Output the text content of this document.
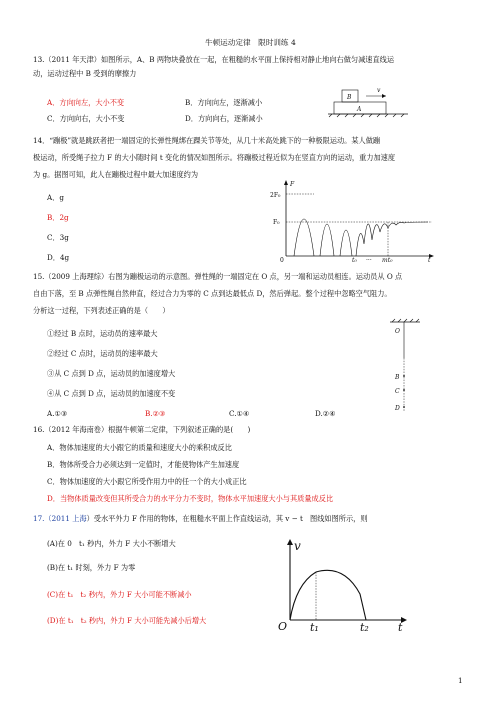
牛顿运动定律　限时训练 4
13.（2011 年天津）如图所示，A、B 两物块叠放在一起，在粗糙的水平面上保持相对静止地向右做匀减速直线运
动，运动过程中 B 受到的摩擦力
A．方向向左，大小不变	B．方向向左，逐渐减小
C．方向向右，大小不变	D．方向向右，逐渐减小
B
A
v
14．“蹦极”就是跳跃者把一端固定的长弹性绳绑在踝关节等处，从几十米高处跳下的一种极限运动。某人做蹦
极运动，所受绳子拉力 F 的大小随时间 t 变化的情况如图所示。将蹦极过程近似为在竖直方向的运动，重力加速度
为 g。据图可知，此人在蹦极过程中最大加速度约为
A．g
B．2g
C．3g
D．4g
F
2F₀
F₀
0	t₀ ··· mt₀	t
15.（2009 上海理综）右图为蹦极运动的示意图。弹性绳的一端固定在 O 点，另一端和运动员相连。运动员从 O 点
自由下落，至 B 点弹性绳自然伸直，经过合力为零的 C 点到达最低点 D，然后弹起。整个过程中忽略空气阻力。
分析这一过程，下列表述正确的是（　　）
①经过 B 点时，运动员的速率最大
②经过 C 点时，运动员的速率最大
③从 C 点到 D 点，运动员的加速度增大
④从 C 点到 D 点，运动员的加速度不变
A.①③	B.②③	C.①④	D.②④
O
B
C
D
16.（2012 年海南卷）根据牛顿第二定律，下列叙述正确的是(　　)
A．物体加速度的大小跟它的质量和速度大小的乘积成反比
B．物体所受合力必须达到一定值时，才能使物体产生加速度
C．物体加速度的大小跟它所受作用力中的任一个的大小成正比
D．当物体质量改变但其所受合力的水平分力不变时，物体水平加速度大小与其质量成反比
17.（2011 上海）受水平外力 F 作用的物体，在粗糙水平面上作直线运动，其 v − t　图线如图所示，则
(A)在 0　t₁ 秒内，外力 F 大小不断增大
(B)在 t₁ 时刻，外力 F 为零
(C)在 t₁　t₂ 秒内，外力 F 大小可能不断减小
(D)在 t₁　t₂ 秒内，外力 F 大小可能先减小后增大
v
O t₁	t₂	t
1
